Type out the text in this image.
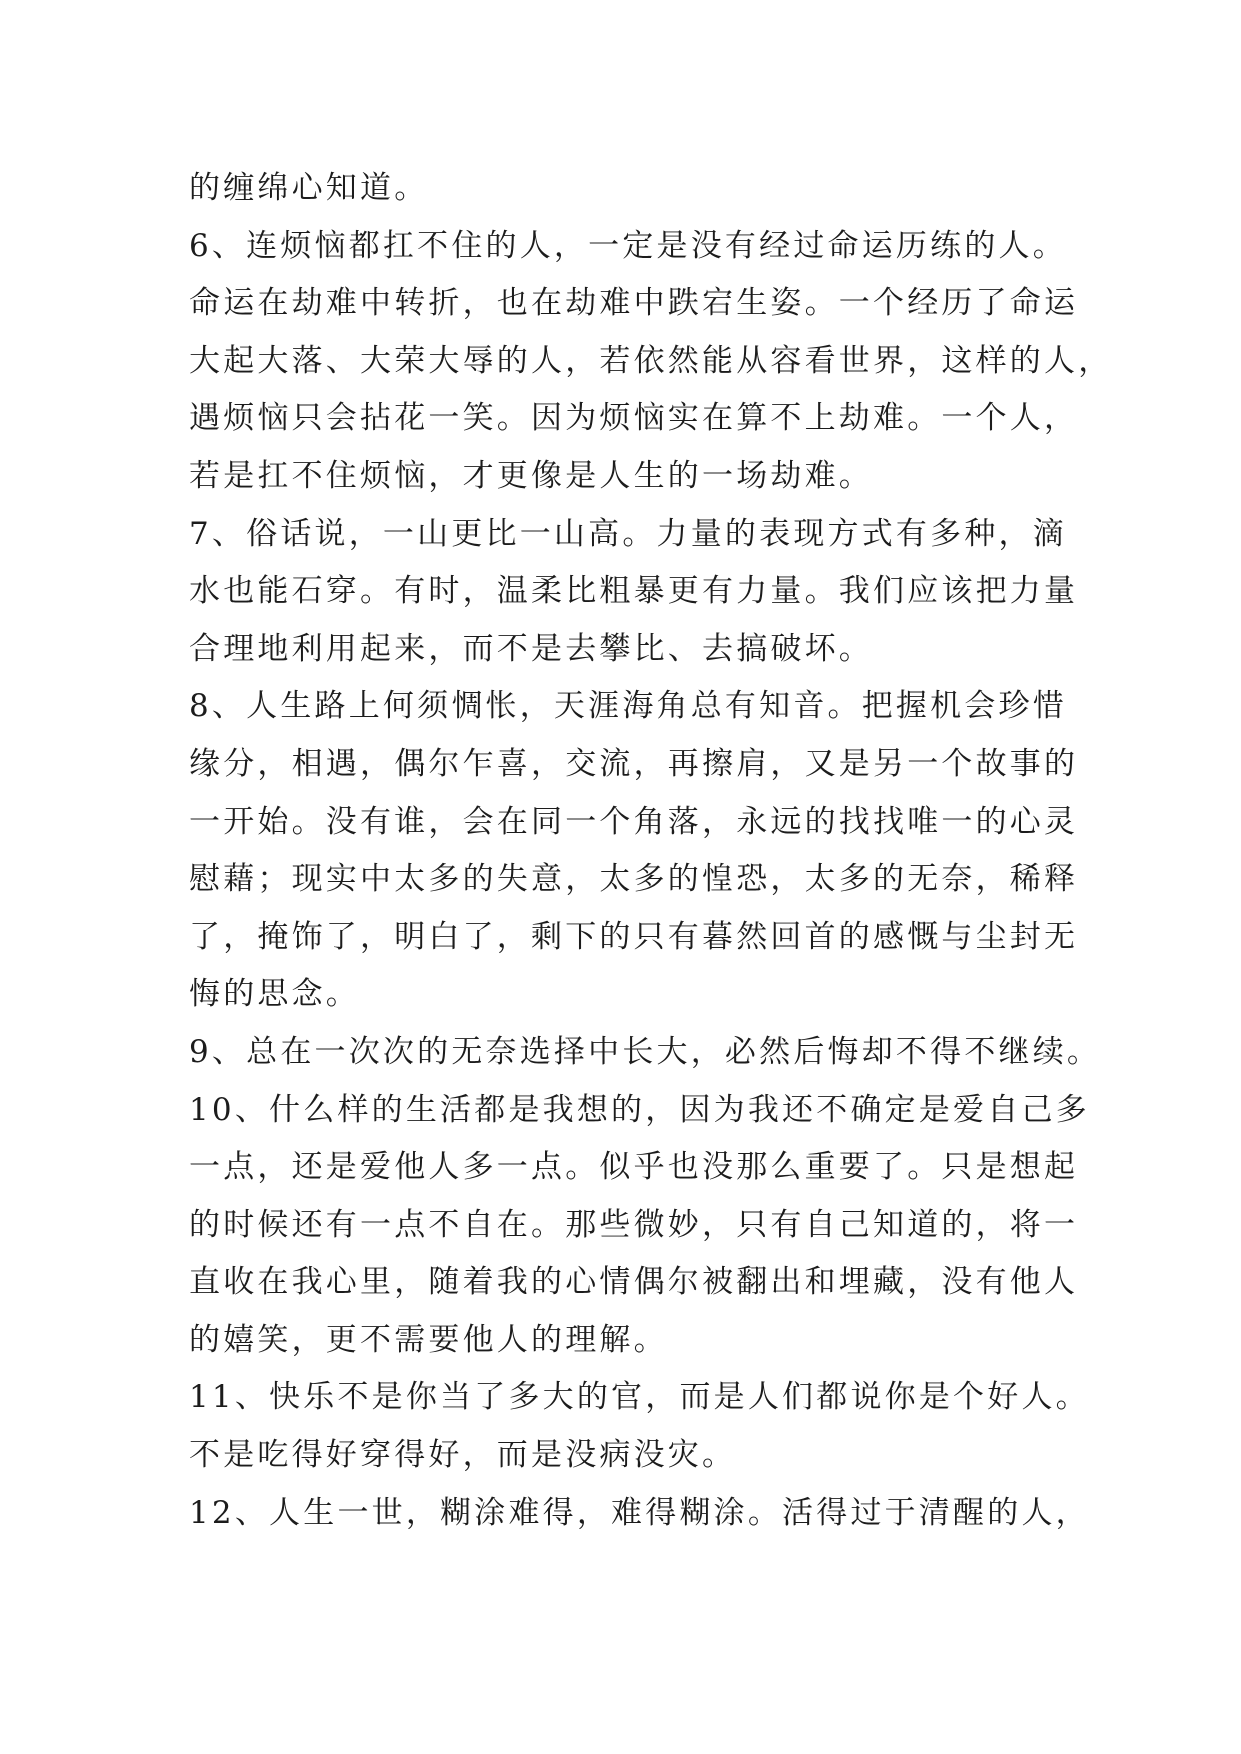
的缠绵心知道。
6、连烦恼都扛不住的人，一定是没有经过命运历练的人。
命运在劫难中转折，也在劫难中跌宕生姿。一个经历了命运
大起大落、大荣大辱的人，若依然能从容看世界，这样的人，
遇烦恼只会拈花一笑。因为烦恼实在算不上劫难。一个人，
若是扛不住烦恼，才更像是人生的一场劫难。
7、俗话说，一山更比一山高。力量的表现方式有多种，滴
水也能石穿。有时，温柔比粗暴更有力量。我们应该把力量
合理地利用起来，而不是去攀比、去搞破坏。
8、人生路上何须惆怅，天涯海角总有知音。把握机会珍惜
缘分，相遇，偶尔乍喜，交流，再擦肩，又是另一个故事的
一开始。没有谁，会在同一个角落，永远的找找唯一的心灵
慰藉；现实中太多的失意，太多的惶恐，太多的无奈，稀释
了，掩饰了，明白了，剩下的只有暮然回首的感慨与尘封无
悔的思念。
9、总在一次次的无奈选择中长大，必然后悔却不得不继续。
10、什么样的生活都是我想的，因为我还不确定是爱自己多
一点，还是爱他人多一点。似乎也没那么重要了。只是想起
的时候还有一点不自在。那些微妙，只有自己知道的，将一
直收在我心里，随着我的心情偶尔被翻出和埋藏，没有他人
的嬉笑，更不需要他人的理解。
11、快乐不是你当了多大的官，而是人们都说你是个好人。
不是吃得好穿得好，而是没病没灾。
12、人生一世，糊涂难得，难得糊涂。活得过于清醒的人，
